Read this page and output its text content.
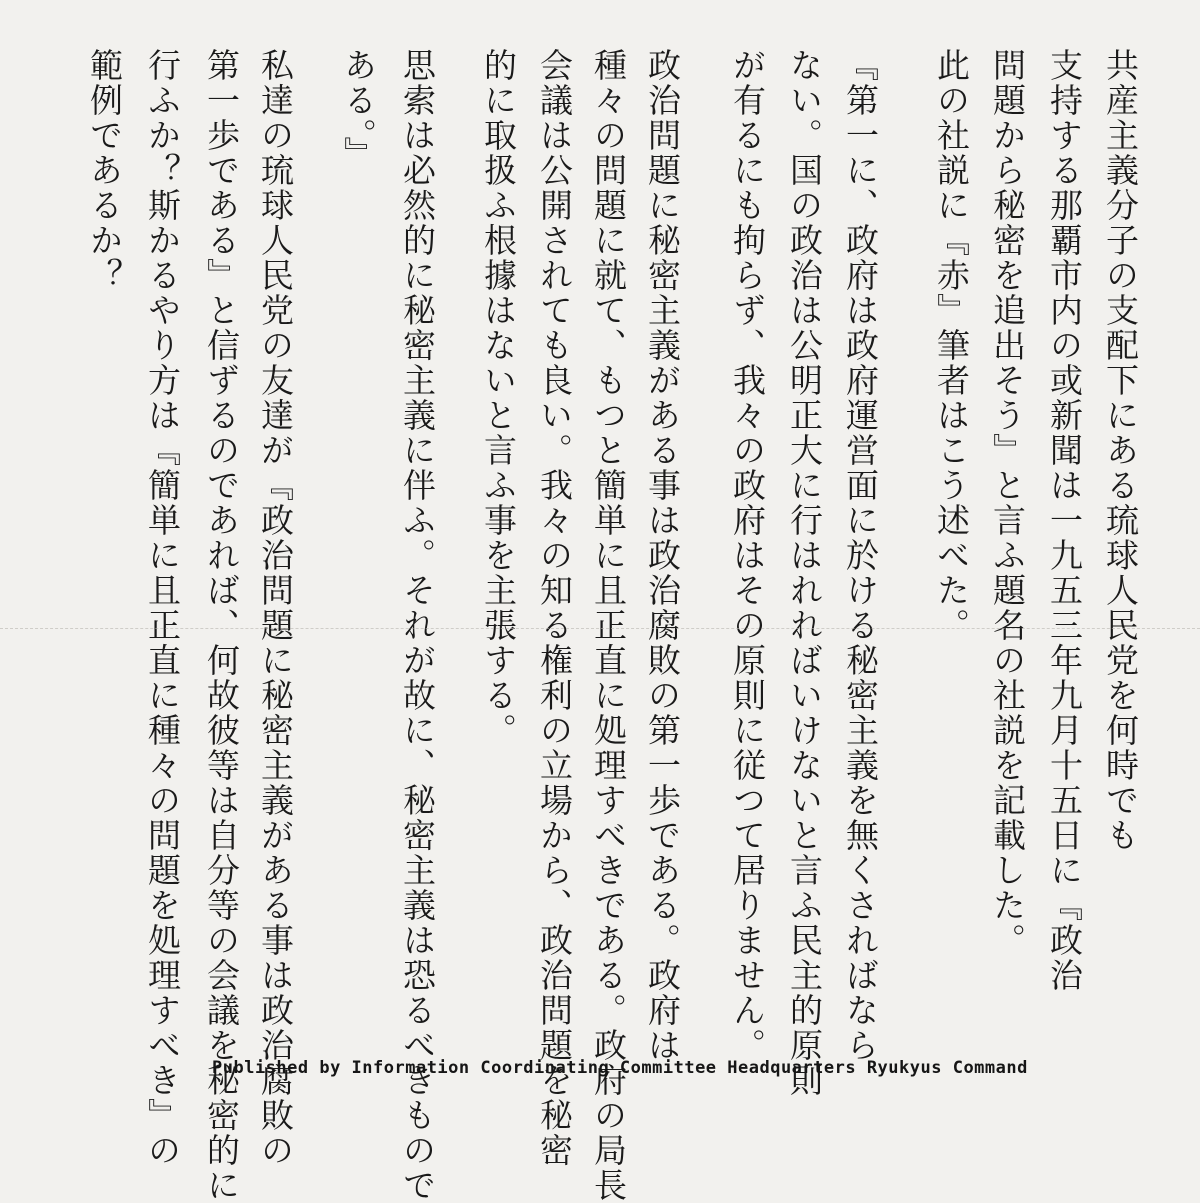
共産主義分子の支配下にある琉球人民党を何時でも
支持する那覇市内の或新聞は一九五三年九月十五日に『政治
問題から秘密を追出そう』と言ふ題名の社説を記載した。
此の社説に『赤』筆者はこう述べた。
『第一に、政府は政府運営面に於ける秘密主義を無くさればなら
ない。国の政治は公明正大に行はれればいけないと言ふ民主的原則
が有るにも拘らず、我々の政府はその原則に従つて居りません。
政治問題に秘密主義がある事は政治腐敗の第一歩である。政府は
種々の問題に就て、もつと簡単に且正直に処理すべきである。政府の局長
会議は公開されても良い。我々の知る権利の立場から、政治問題を秘密
的に取扱ふ根據はないと言ふ事を主張する。
思索は必然的に秘密主義に伴ふ。それが故に、秘密主義は恐るべきもので
ある。』
私達の琉球人民党の友達が『政治問題に秘密主義がある事は政治腐敗の
第一歩である』と信ずるのであれば、何故彼等は自分等の会議を秘密的に
行ふか？斯かるやり方は『簡単に且正直に種々の問題を処理すべき』の
範例であるか？
Published by Information Coordinating Committee Headquarters Ryukyus Command
